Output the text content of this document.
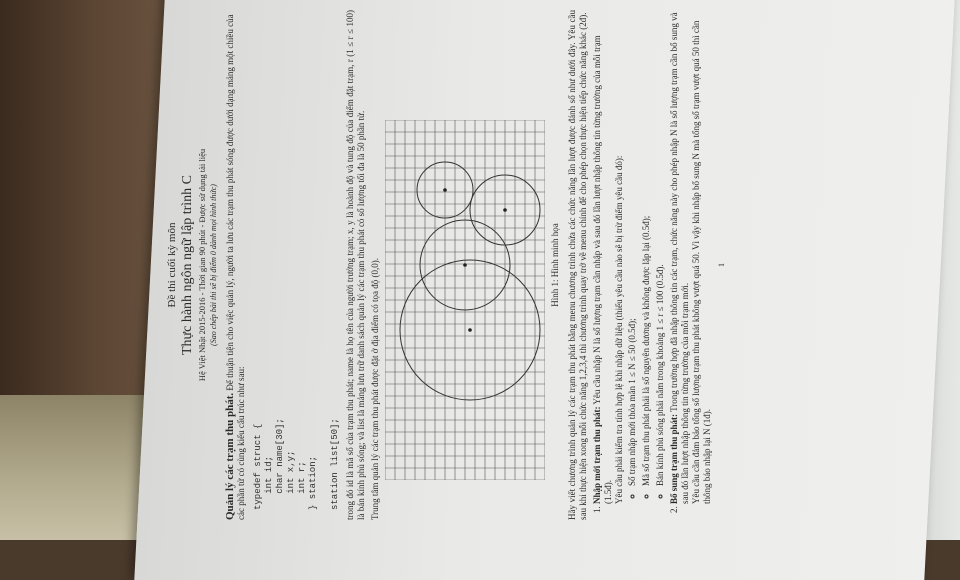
Đề thi cuối kỳ môn Thực hành ngôn ngữ lập trình C Hệ Việt Nhật 2015-2016 - Thời gian 90 phút - Được sử dụng tài liệu (Sao chép bài thi sẽ bị điểm 0 dành mọi hình thức)
Quản lý các trạm thu phát. Để thuận tiện cho việc quản lý, người ta lưu các trạm thu phát sóng được dưới dạng mảng một chiều của các phần tử có cùng kiểu cấu trúc như sau: typedef struct {
int id;
char name[30];
int x,y;
int r;
} station; station list[50]; trong đó id là mã số của trạm thu phát; name là họ tên của người trưởng trạm; x, y là hoành độ và tung độ của điểm đặt trạm, r (1 ≤ r ≤ 100) là bán kính phủ sóng; và list là mảng lưu trữ danh sách quản lý các trạm thu phát có số lượng tối đa là 50 phần tử. Trung tâm quản lý các trạm thu phát được đặt ở địa điểm có tọa độ (0,0).	Hình 1: Hình minh họa Hãy viết chương trình quản lý các trạm thu phát bằng menu chương trình chứa các chức năng lần lượt được đánh số như dưới đây. Yêu cầu sau khi thực hiện xong mỗi chức năng 1,2,3,4 thì chương trình quay trở về menu chính để cho phép chọn thực hiện tiếp chức năng khác (2đ). 1. Nhập mới trạm thu phát: Yêu cầu nhập N là số lượng trạm cần nhập và sau đó lần lượt nhập thông tin từng trường của mỗi trạm (1.5đ). Yêu cầu phải kiểm tra tính hợp lệ khi nhập dữ liệu (thiếu yêu cầu nào sẽ bị trừ điểm yêu cầu đó): ◦ Số trạm nhập mới thỏa mãn 1 ≤ N ≤ 50 (0.5đ); ◦ Mã số trạm thu phát phải là số nguyên dương và không được lặp lại (0.5đ); ◦ Bán kính phủ sóng phải nằm trong khoảng 1 ≤ r ≤ 100 (0.5đ). 2. Bổ sung trạm thu phát: Trong trường hợp đã nhập thông tin các trạm, chức năng này cho phép nhập N là số lượng trạm cần bổ sung và sau đó lần lượt nhập thông tin từng trường của mỗi trạm mới. Yêu cầu cần đảm bảo tổng số lượng trạm thu phát không vượt quá 50. Vì vậy khi nhập bổ sung N mà tổng số trạm vượt quá 50 thì cần thông báo nhập lại N (1đ).
1
